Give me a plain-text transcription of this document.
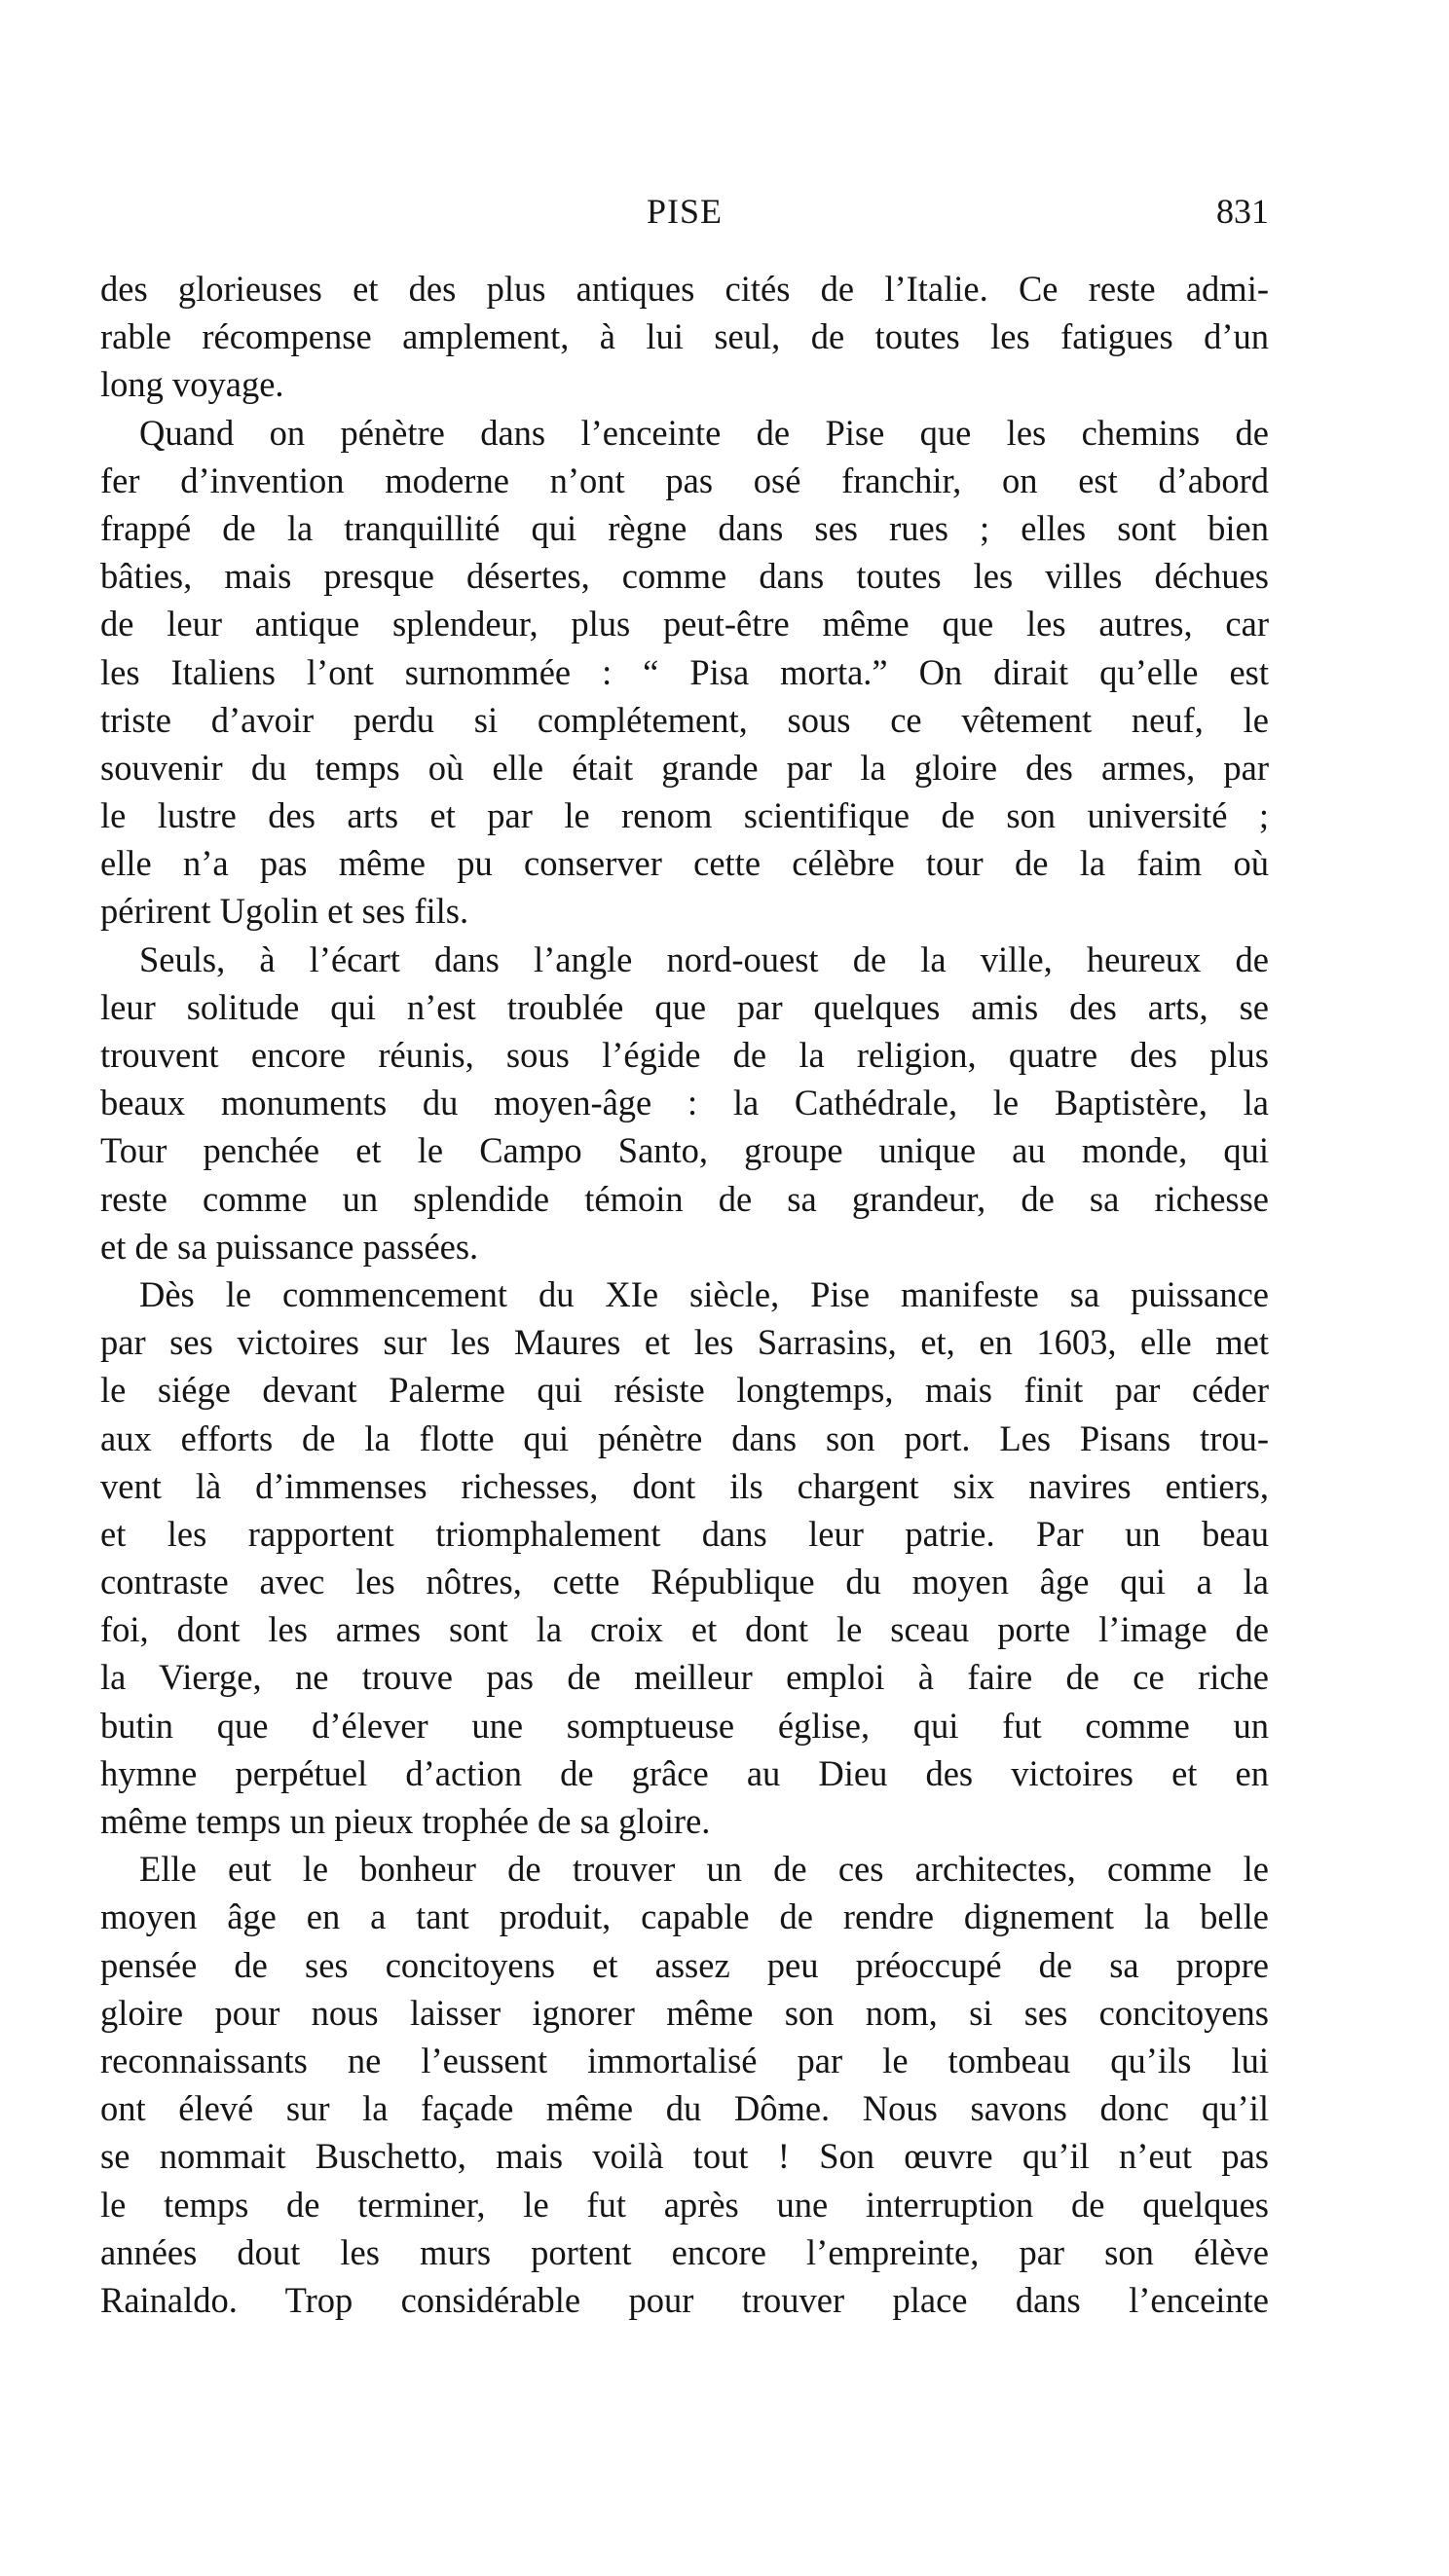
PISE	831
des glorieuses et des plus antiques cités de l’Italie. Ce reste admi-
rable récompense amplement, à lui seul, de toutes les fatigues d’un
long voyage.
Quand on pénètre dans l’enceinte de Pise que les chemins de
fer d’invention moderne n’ont pas osé franchir, on est d’abord
frappé de la tranquillité qui règne dans ses rues ; elles sont bien
bâties, mais presque désertes, comme dans toutes les villes déchues
de leur antique splendeur, plus peut-être même que les autres, car
les Italiens l’ont surnommée : “ Pisa morta.” On dirait qu’elle est
triste d’avoir perdu si complétement, sous ce vêtement neuf, le
souvenir du temps où elle était grande par la gloire des armes, par
le lustre des arts et par le renom scientifique de son université ;
elle n’a pas même pu conserver cette célèbre tour de la faim où
périrent Ugolin et ses fils.
Seuls, à l’écart dans l’angle nord-ouest de la ville, heureux de
leur solitude qui n’est troublée que par quelques amis des arts, se
trouvent encore réunis, sous l’égide de la religion, quatre des plus
beaux monuments du moyen-âge : la Cathédrale, le Baptistère, la
Tour penchée et le Campo Santo, groupe unique au monde, qui
reste comme un splendide témoin de sa grandeur, de sa richesse
et de sa puissance passées.
Dès le commencement du XIe siècle, Pise manifeste sa puissance
par ses victoires sur les Maures et les Sarrasins, et, en 1603, elle met
le siége devant Palerme qui résiste longtemps, mais finit par céder
aux efforts de la flotte qui pénètre dans son port. Les Pisans trou-
vent là d’immenses richesses, dont ils chargent six navires entiers,
et les rapportent triomphalement dans leur patrie. Par un beau
contraste avec les nôtres, cette République du moyen âge qui a la
foi, dont les armes sont la croix et dont le sceau porte l’image de
la Vierge, ne trouve pas de meilleur emploi à faire de ce riche
butin que d’élever une somptueuse église, qui fut comme un
hymne perpétuel d’action de grâce au Dieu des victoires et en
même temps un pieux trophée de sa gloire.
Elle eut le bonheur de trouver un de ces architectes, comme le
moyen âge en a tant produit, capable de rendre dignement la belle
pensée de ses concitoyens et assez peu préoccupé de sa propre
gloire pour nous laisser ignorer même son nom, si ses concitoyens
reconnaissants ne l’eussent immortalisé par le tombeau qu’ils lui
ont élevé sur la façade même du Dôme. Nous savons donc qu’il
se nommait Buschetto, mais voilà tout ! Son œuvre qu’il n’eut pas
le temps de terminer, le fut après une interruption de quelques
années dout les murs portent encore l’empreinte, par son élève
Rainaldo. Trop considérable pour trouver place dans l’enceinte
